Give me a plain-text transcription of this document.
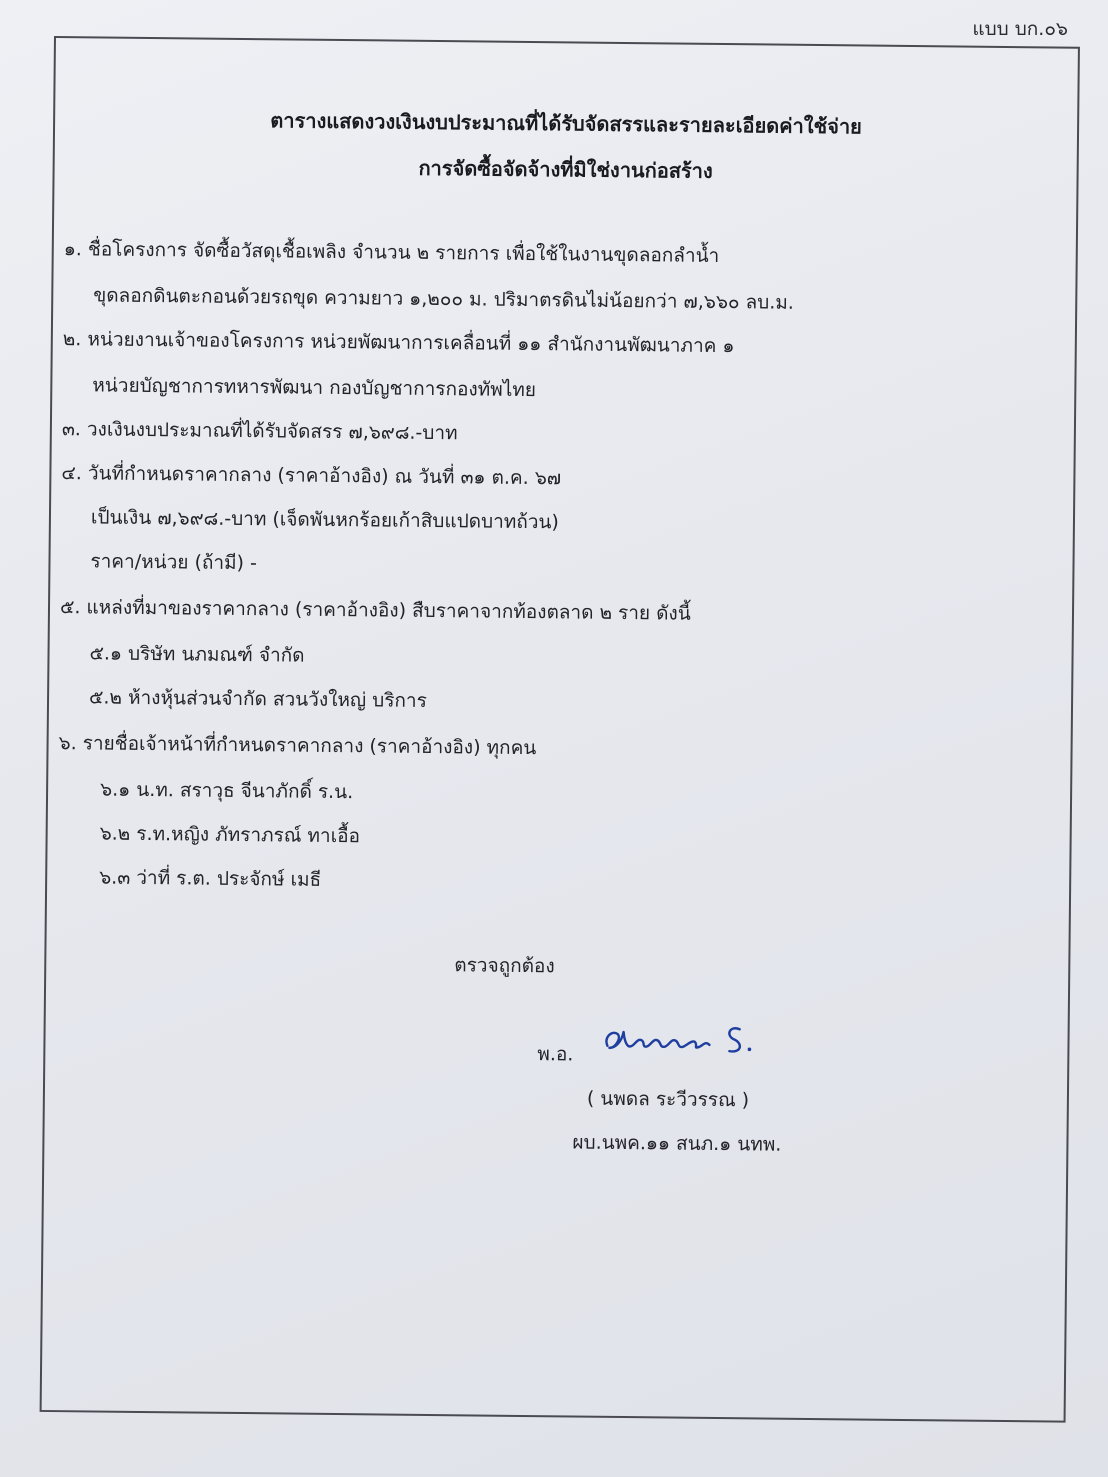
แบบ บก.๐๖
ตารางแสดงวงเงินงบประมาณที่ได้รับจัดสรรและรายละเอียดค่าใช้จ่าย
การจัดซื้อจัดจ้างที่มิใช่งานก่อสร้าง
๑. ชื่อโครงการ จัดซื้อวัสดุเชื้อเพลิง จำนวน ๒ รายการ เพื่อใช้ในงานขุดลอกลำน้ำ
ขุดลอกดินตะกอนด้วยรถขุด ความยาว ๑,๒๐๐ ม. ปริมาตรดินไม่น้อยกว่า ๗,๖๖๐ ลบ.ม.
๒. หน่วยงานเจ้าของโครงการ หน่วยพัฒนาการเคลื่อนที่ ๑๑ สำนักงานพัฒนาภาค ๑
หน่วยบัญชาการทหารพัฒนา กองบัญชาการกองทัพไทย
๓. วงเงินงบประมาณที่ได้รับจัดสรร ๗,๖๙๘.-บาท
๔. วันที่กำหนดราคากลาง (ราคาอ้างอิง) ณ วันที่ ๓๑ ต.ค. ๖๗
เป็นเงิน ๗,๖๙๘.-บาท (เจ็ดพันหกร้อยเก้าสิบแปดบาทถ้วน)
ราคา/หน่วย (ถ้ามี) -
๕. แหล่งที่มาของราคากลาง (ราคาอ้างอิง) สืบราคาจากท้องตลาด ๒ ราย ดังนี้
๕.๑ บริษัท นภมณฑ์ จำกัด
๕.๒ ห้างหุ้นส่วนจำกัด สวนวังใหญ่ บริการ
๖. รายชื่อเจ้าหน้าที่กำหนดราคากลาง (ราคาอ้างอิง) ทุกคน
๖.๑ น.ท. สราวุธ จีนาภักดิ์ ร.น.
๖.๒ ร.ท.หญิง ภัทราภรณ์ ทาเอื้อ
๖.๓ ว่าที่ ร.ต. ประจักษ์ เมธี
ตรวจถูกต้อง
พ.อ.
( นพดล ระวีวรรณ )
ผบ.นพค.๑๑ สนภ.๑ นทพ.
